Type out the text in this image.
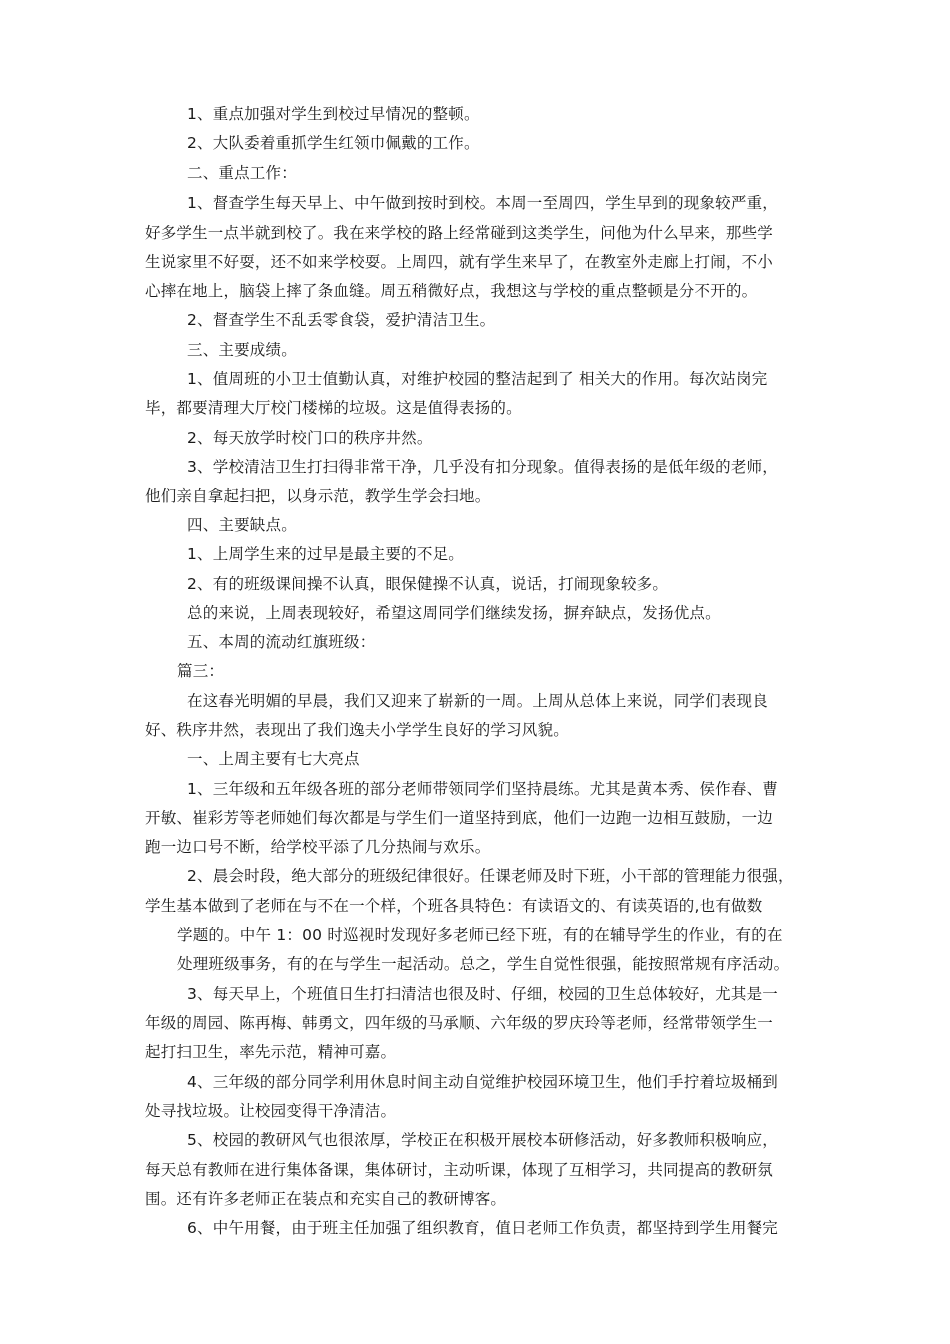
1、重点加强对学生到校过早情况的整顿。
2、大队委着重抓学生红领巾佩戴的工作。
二、重点工作：
1、督查学生每天早上、中午做到按时到校。本周一至周四，学生早到的现象较严重，
好多学生一点半就到校了。我在来学校的路上经常碰到这类学生，问他为什么早来，那些学
生说家里不好耍，还不如来学校耍。上周四，就有学生来早了，在教室外走廊上打闹，不小
心摔在地上，脑袋上摔了条血缝。周五稍微好点，我想这与学校的重点整顿是分不开的。
2、督查学生不乱丢零食袋，爱护清洁卫生。
三、主要成绩。
1、值周班的小卫士值勤认真，对维护校园的整洁起到了 相关大的作用。每次站岗完
毕，都要清理大厅校门楼梯的垃圾。这是值得表扬的。
2、每天放学时校门口的秩序井然。
3、学校清洁卫生打扫得非常干净，几乎没有扣分现象。值得表扬的是低年级的老师，
他们亲自拿起扫把，以身示范，教学生学会扫地。
四、主要缺点。
1、上周学生来的过早是最主要的不足。
2、有的班级课间操不认真，眼保健操不认真，说话，打闹现象较多。
总的来说，上周表现较好，希望这周同学们继续发扬，摒弃缺点，发扬优点。
五、本周的流动红旗班级：
篇三：
在这春光明媚的早晨，我们又迎来了崭新的一周。上周从总体上来说，同学们表现良
好、秩序井然，表现出了我们逸夫小学学生良好的学习风貌。
一、上周主要有七大亮点
1、三年级和五年级各班的部分老师带领同学们坚持晨练。尤其是黄本秀、侯作春、曹
开敏、崔彩芳等老师她们每次都是与学生们一道坚持到底，他们一边跑一边相互鼓励，一边
跑一边口号不断，给学校平添了几分热闹与欢乐。
2、晨会时段，绝大部分的班级纪律很好。任课老师及时下班，小干部的管理能力很强，
学生基本做到了老师在与不在一个样，个班各具特色：有读语文的、有读英语的,也有做数
学题的。中午 1：00 时巡视时发现好多老师已经下班，有的在辅导学生的作业，有的在
处理班级事务，有的在与学生一起活动。总之，学生自觉性很强，能按照常规有序活动。
3、每天早上，个班值日生打扫清洁也很及时、仔细，校园的卫生总体较好，尤其是一
年级的周园、陈再梅、韩勇文，四年级的马承顺、六年级的罗庆玲等老师，经常带领学生一
起打扫卫生，率先示范，精神可嘉。
4、三年级的部分同学利用休息时间主动自觉维护校园环境卫生，他们手拧着垃圾桶到
处寻找垃圾。让校园变得干净清洁。
5、校园的教研风气也很浓厚，学校正在积极开展校本研修活动，好多教师积极响应，
每天总有教师在进行集体备课，集体研讨，主动听课，体现了互相学习，共同提高的教研氛
围。还有许多老师正在装点和充实自己的教研博客。
6、中午用餐，由于班主任加强了组织教育，值日老师工作负责，都坚持到学生用餐完
